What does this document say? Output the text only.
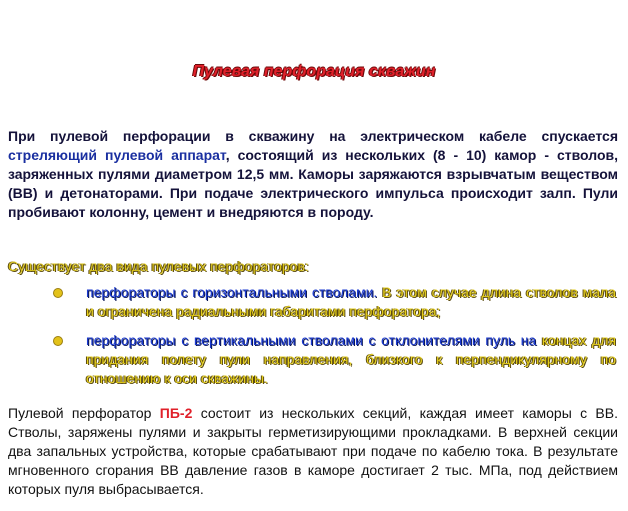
Пулевая перфорация скважин
При пулевой перфорации в скважину на электрическом кабеле спускается стреляющий пулевой аппарат, состоящий из нескольких (8 - 10) камор - стволов, заряженных пулями диаметром 12,5 мм. Каморы заряжаются взрывчатым веществом (ВВ) и детонаторами. При подаче электрического импульса происходит залп. Пули пробивают колонну, цемент и внедряются в породу.
Существует два вида пулевых перфораторов:
перфораторы с горизонтальными стволами. В этом случае длина стволов мала и ограничена радиальными габаритами перфоратора;
перфораторы с вертикальными стволами с отклонителями пуль на концах для придания полету пули направления, близкого к перпендикулярному по отношению к оси скважины.
Пулевой перфоратор ПБ-2 состоит из нескольких секций, каждая имеет каморы с ВВ. Стволы, заряжены пулями и закрыты герметизирующими прокладками. В верхней секции два запальных устройства, которые срабатывают при подаче по кабелю тока. В результате мгновенного сгорания ВВ давление газов в каморе достигает 2 тыс. МПа, под действием которых пуля выбрасывается.
